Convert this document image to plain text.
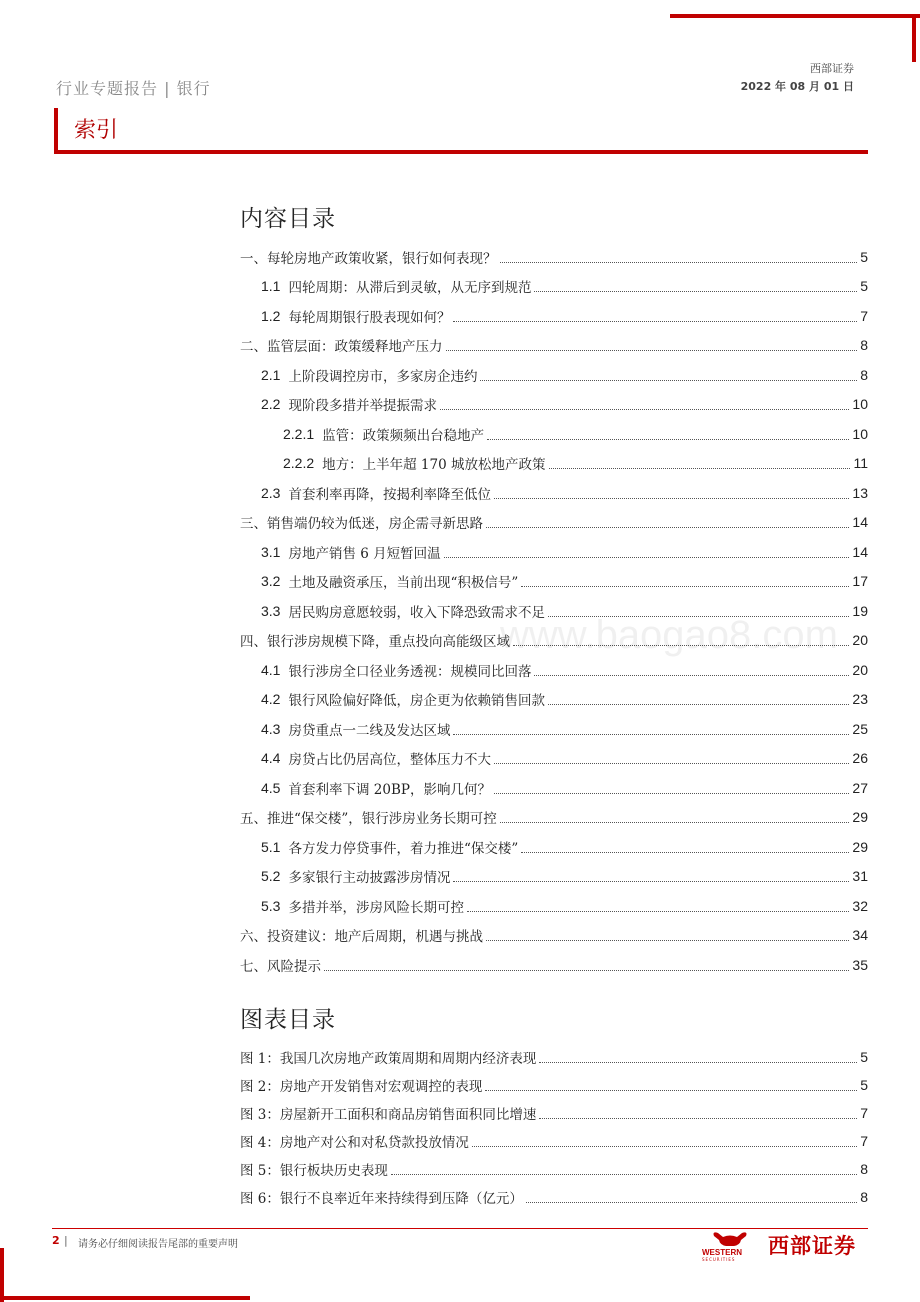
西部证券
2022 年 08 月 01 日
行业专题报告 | 银行
索引
内容目录
一、每轮房地产政策收紧，银行如何表现？	5
1.1 四轮周期：从滞后到灵敏，从无序到规范	5
1.2 每轮周期银行股表现如何？	7
二、监管层面：政策缓释地产压力	8
2.1 上阶段调控房市，多家房企违约	8
2.2 现阶段多措并举提振需求	10
2.2.1 监管：政策频频出台稳地产	10
2.2.2 地方：上半年超 170 城放松地产政策	11
2.3 首套利率再降，按揭利率降至低位	13
三、销售端仍较为低迷，房企需寻新思路	14
3.1 房地产销售 6 月短暂回温	14
3.2 土地及融资承压，当前出现“积极信号”	17
3.3 居民购房意愿较弱，收入下降恐致需求不足	19
四、银行涉房规模下降，重点投向高能级区域	20
4.1 银行涉房全口径业务透视：规模同比回落	20
4.2 银行风险偏好降低，房企更为依赖销售回款	23
4.3 房贷重点一二线及发达区域	25
4.4 房贷占比仍居高位，整体压力不大	26
4.5 首套利率下调 20BP，影响几何？	27
五、推进“保交楼”，银行涉房业务长期可控	29
5.1 各方发力停贷事件，着力推进“保交楼”	29
5.2 多家银行主动披露涉房情况	31
5.3 多措并举，涉房风险长期可控	32
六、投资建议：地产后周期，机遇与挑战	34
七、风险提示	35
www.baogao8.com
图表目录
图 1：我国几次房地产政策周期和周期内经济表现	5
图 2：房地产开发销售对宏观调控的表现	5
图 3：房屋新开工面积和商品房销售面积同比增速	7
图 4：房地产对公和对私贷款投放情况	7
图 5：银行板块历史表现	8
图 6：银行不良率近年来持续得到压降（亿元）	8
2 | 请务必仔细阅读报告尾部的重要声明
WESTERN
SECURITIES
西部证券
